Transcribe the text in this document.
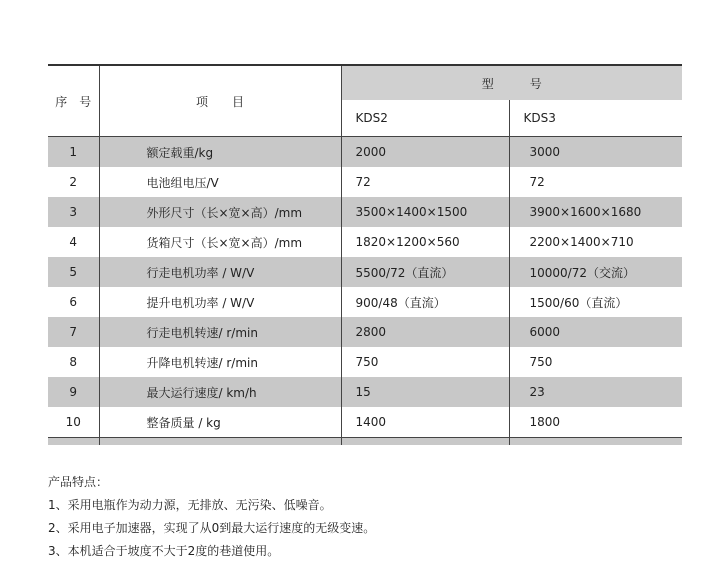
序　号	项　　目	型　　　号	
		KDS2	KDS3
1	额定载重/kg	2000	3000
2	电池组电压/V	72	72
3	外形尺寸（长×宽×高）/mm	3500×1400×1500	3900×1600×1680
4	货箱尺寸（长×宽×高）/mm	1820×1200×560	2200×1400×710
5	行走电机功率 / W/V	5500/72（直流）	10000/72（交流）
6	提升电机功率 / W/V	900/48（直流）	1500/60（直流）
7	行走电机转速/ r/min	2800	6000
8	升降电机转速/ r/min	750	750
9	最大运行速度/ km/h	15	23
10	整备质量 / kg	1400	1800

产品特点：
1、采用电瓶作为动力源，无排放、无污染、低噪音。
2、采用电子加速器，实现了从0到最大运行速度的无级变速。
3、本机适合于坡度不大于2度的巷道使用。
